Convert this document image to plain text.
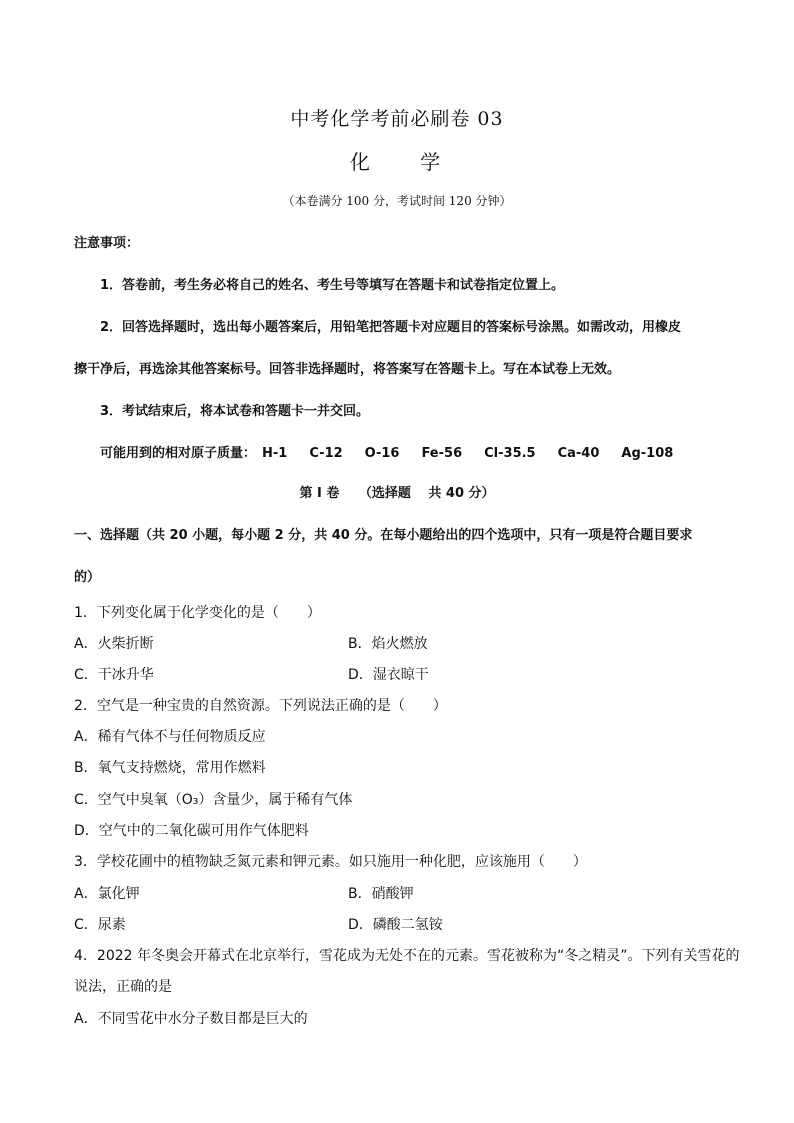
中考化学考前必刷卷 03
化 学
（本卷满分 100 分，考试时间 120 分钟）
注意事项：
1．答卷前，考生务必将自己的姓名、考生号等填写在答题卡和试卷指定位置上。
2．回答选择题时，选出每小题答案后，用铅笔把答题卡对应题目的答案标号涂黑。如需改动，用橡皮
擦干净后，再选涂其他答案标号。回答非选择题时，将答案写在答题卡上。写在本试卷上无效。
3．考试结束后，将本试卷和答题卡一并交回。
可能用到的相对原子质量： H-1 C-12 O-16 Fe-56 Cl-35.5 Ca-40 Ag-108
第 I 卷　　（选择题　 共 40 分）
一、选择题（共 20 小题，每小题 2 分，共 40 分。在每小题给出的四个选项中，只有一项是符合题目要求
的）
1．下列变化属于化学变化的是（　　）
A．火柴折断	B．焰火燃放
C．干冰升华	D．湿衣晾干
2．空气是一种宝贵的自然资源。下列说法正确的是（　　）
A．稀有气体不与任何物质反应
B．氧气支持燃烧，常用作燃料
C．空气中臭氧（O₃）含量少，属于稀有气体
D．空气中的二氧化碳可用作气体肥料
3．学校花圃中的植物缺乏氮元素和钾元素。如只施用一种化肥，应该施用（　　）
A．氯化钾	B．硝酸钾
C．尿素	D．磷酸二氢铵
4．2022 年冬奥会开幕式在北京举行，雪花成为无处不在的元素。雪花被称为“冬之精灵”。下列有关雪花的
说法，正确的是
A．不同雪花中水分子数目都是巨大的
